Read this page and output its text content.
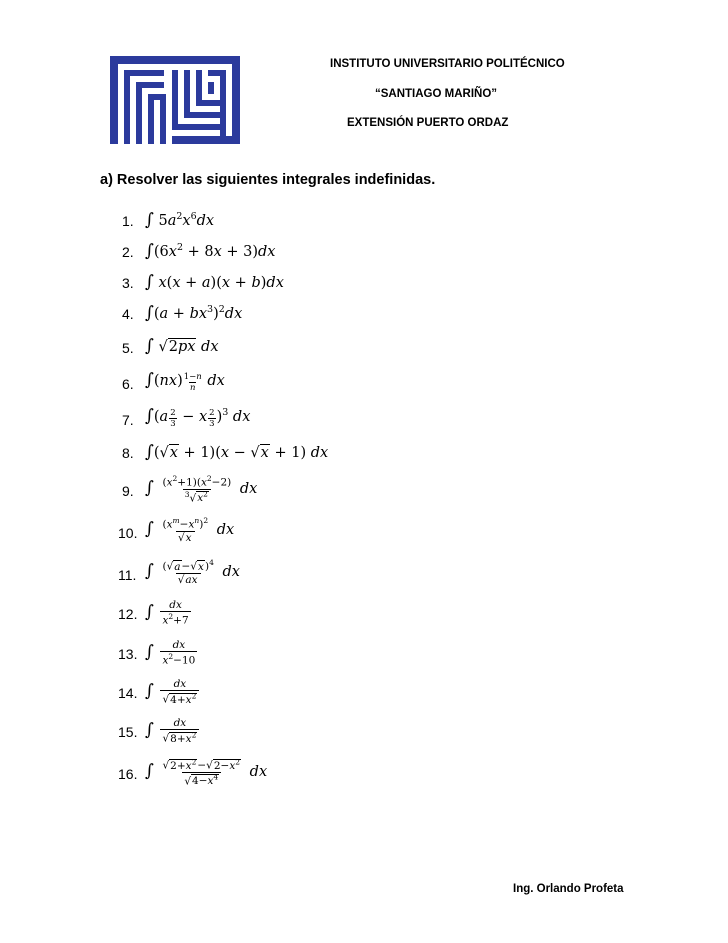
INSTITUTO UNIVERSITARIO POLITÉCNICO
“SANTIAGO MARIÑO”
EXTENSIÓN PUERTO ORDAZ
a) Resolver las siguientes integrales indefinidas.
1.
2.
3.
4.
5.
6.
7.
8.
9.
10.
11.
12.
13.
14.
15.
16.
∫ $5a^2x^6dx$
$\int(6x^2 + 8x + 3)dx$
∫ x(x + a)(x + b)dx
$\int(a + bx^3)^2dx$
∫ √2px dx
$\int(nx) \frac{1-n}{n}$ dx
$\int(a \frac{2}{3} - x \frac{2}{3} )^3$ dx
∫(√x + 1)(x − √x + 1) dx
∫ $\frac{(x^2+1)(x^2-2)}{^3√x^2}$ dx
∫ $\frac{(x^m-x^n)^2}{√x}$ dx
∫ $\frac{(√a-√x)^4}{√ax}$ dx
∫ $\frac{dx}{x^2+7}$
∫ $\frac{dx}{x^2-10}$
∫ $\frac{dx}{√4+x^2}$
∫ $\frac{dx}{√8+x^2}$
∫ $\frac{√2+x^2-√2-x^2}{√4-x^4}$ dx
Ing. Orlando Profeta
